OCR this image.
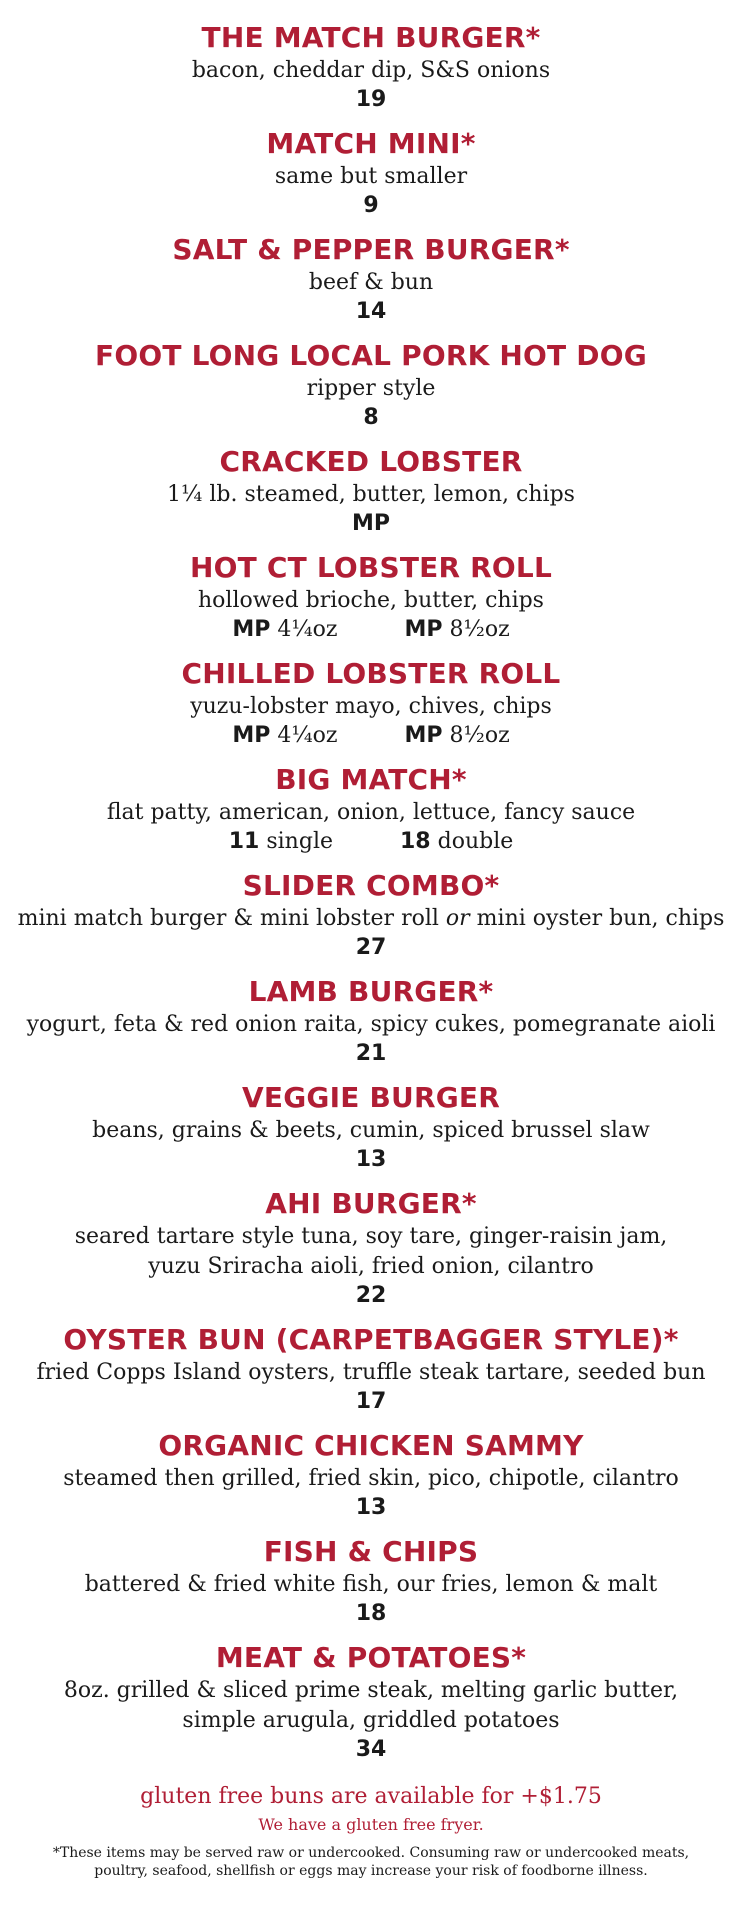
THE MATCH BURGER*
bacon, cheddar dip, S&S onions
19
MATCH MINI*
same but smaller
9
SALT & PEPPER BURGER*
beef & bun
14
FOOT LONG LOCAL PORK HOT DOG
ripper style
8
CRACKED LOBSTER
1¼ lb. steamed, butter, lemon, chips
MP
HOT CT LOBSTER ROLL
hollowed brioche, butter, chips
MP 4¼oz	MP 8½oz
CHILLED LOBSTER ROLL
yuzu-lobster mayo, chives, chips
MP 4¼oz	MP 8½oz
BIG MATCH*
flat patty, american, onion, lettuce, fancy sauce
11 single	18 double
SLIDER COMBO*
mini match burger & mini lobster roll or mini oyster bun, chips
27
LAMB BURGER*
yogurt, feta & red onion raita, spicy cukes, pomegranate aioli
21
VEGGIE BURGER
beans, grains & beets, cumin, spiced brussel slaw
13
AHI BURGER*
seared tartare style tuna, soy tare, ginger-raisin jam,
yuzu Sriracha aioli, fried onion, cilantro
22
OYSTER BUN (CARPETBAGGER STYLE)*
fried Copps Island oysters, truffle steak tartare, seeded bun
17
ORGANIC CHICKEN SAMMY
steamed then grilled, fried skin, pico, chipotle, cilantro
13
FISH & CHIPS
battered & fried white fish, our fries, lemon & malt
18
MEAT & POTATOES*
8oz. grilled & sliced prime steak, melting garlic butter,
simple arugula, griddled potatoes
34
gluten free buns are available for +$1.75
We have a gluten free fryer.
*These items may be served raw or undercooked. Consuming raw or undercooked meats,
poultry, seafood, shellfish or eggs may increase your risk of foodborne illness.
